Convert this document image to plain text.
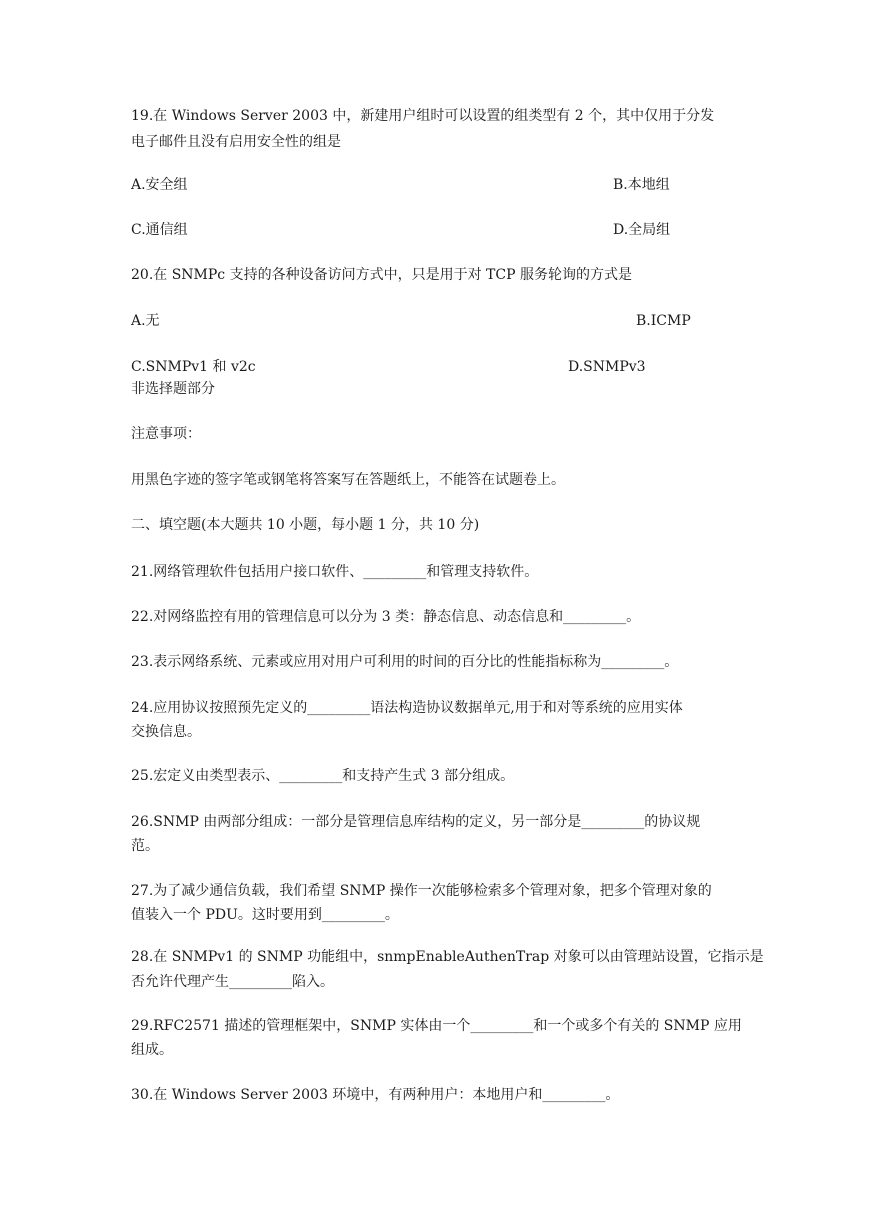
19.在 Windows Server 2003 中，新建用户组时可以设置的组类型有 2 个，其中仅用于分发
电子邮件且没有启用安全性的组是
A.安全组	B.本地组
C.通信组	D.全局组
20.在 SNMPc 支持的各种设备访问方式中，只是用于对 TCP 服务轮询的方式是
A.无	B.ICMP
C.SNMPv1 和 v2c	D.SNMPv3
非选择题部分
注意事项：
用黑色字迹的签字笔或钢笔将答案写在答题纸上，不能答在试题卷上。
二、填空题(本大题共 10 小题，每小题 1 分，共 10 分)
21.网络管理软件包括用户接口软件、_________和管理支持软件。
22.对网络监控有用的管理信息可以分为 3 类：静态信息、动态信息和_________。
23.表示网络系统、元素或应用对用户可利用的时间的百分比的性能指标称为_________。
24.应用协议按照预先定义的_________语法构造协议数据单元,用于和对等系统的应用实体
交换信息。
25.宏定义由类型表示、_________和支持产生式 3 部分组成。
26.SNMP 由两部分组成：一部分是管理信息库结构的定义，另一部分是_________的协议规
范。
27.为了减少通信负载，我们希望 SNMP 操作一次能够检索多个管理对象，把多个管理对象的
值装入一个 PDU。这时要用到_________。
28.在 SNMPv1 的 SNMP 功能组中，snmpEnableAuthenTrap 对象可以由管理站设置，它指示是
否允许代理产生_________陷入。
29.RFC2571 描述的管理框架中，SNMP 实体由一个_________和一个或多个有关的 SNMP 应用
组成。
30.在 Windows Server 2003 环境中，有两种用户：本地用户和_________。
